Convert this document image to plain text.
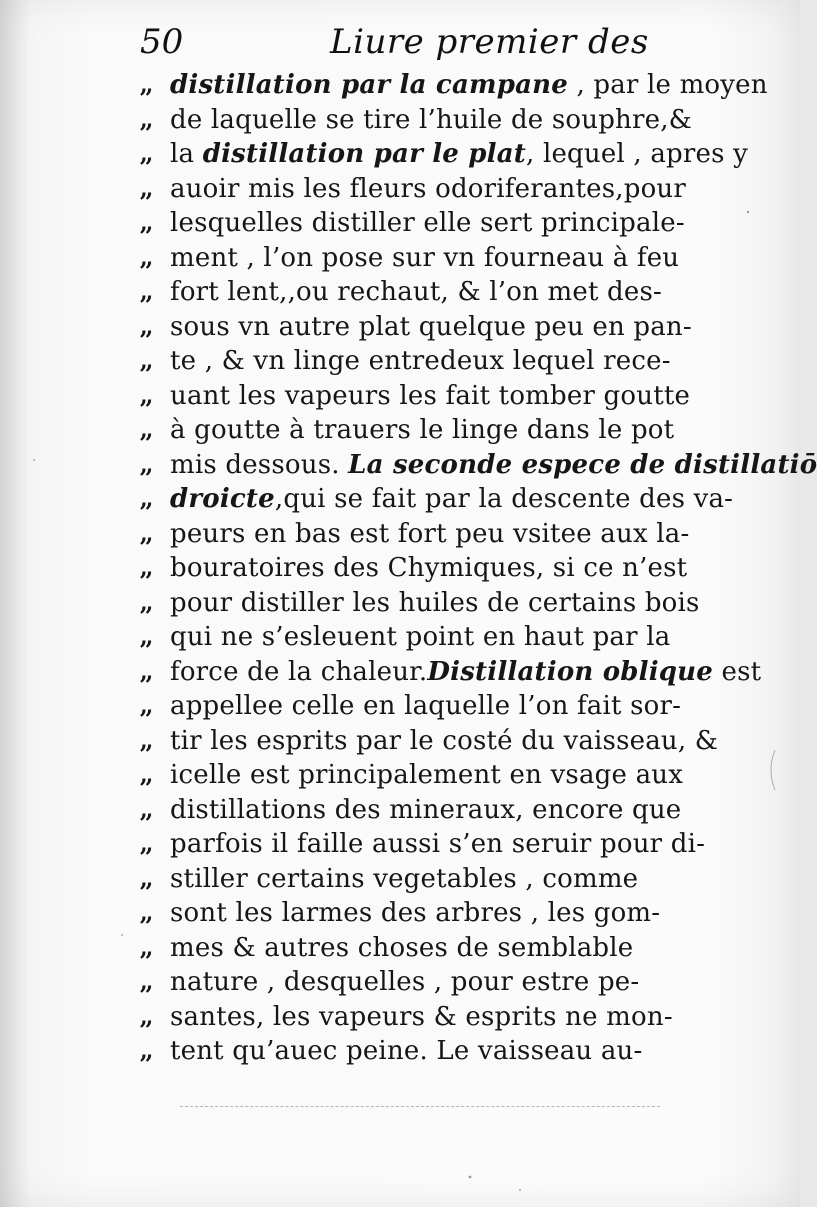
50	Liure premier des
,, distillation par la campane , par le moyen
,, de laquelle se tire l’huile de souphre,&
,, la distillation par le plat, lequel , apres y
,, auoir mis les fleurs odoriferantes,pour
,, lesquelles distiller elle sert principale-
,, ment , l’on pose sur vn fourneau à feu
,, fort lent,,ou rechaut, & l’on met des-
,, sous vn autre plat quelque peu en pan-
,, te , & vn linge entredeux lequel rece-
,, uant les vapeurs les fait tomber goutte
,, à goutte à trauers le linge dans le pot
,, mis dessous. La seconde espece de distillatiō
,, droicte,qui se fait par la descente des va-
,, peurs en bas est fort peu vsitee aux la-
,, bouratoires des Chymiques, si ce n’est
,, pour distiller les huiles de certains bois
,, qui ne s’esleuent point en haut par la
,, force de la chaleur.Distillation oblique est
,, appellee celle en laquelle l’on fait sor-
,, tir les esprits par le costé du vaisseau, &
,, icelle est principalement en vsage aux
,, distillations des mineraux, encore que
,, parfois il faille aussi s’en seruir pour di-
,, stiller certains vegetables , comme
,, sont les larmes des arbres , les gom-
,, mes & autres choses de semblable
,, nature , desquelles , pour estre pe-
,, santes, les vapeurs & esprits ne mon-
,, tent qu’auec peine. Le vaisseau au-
